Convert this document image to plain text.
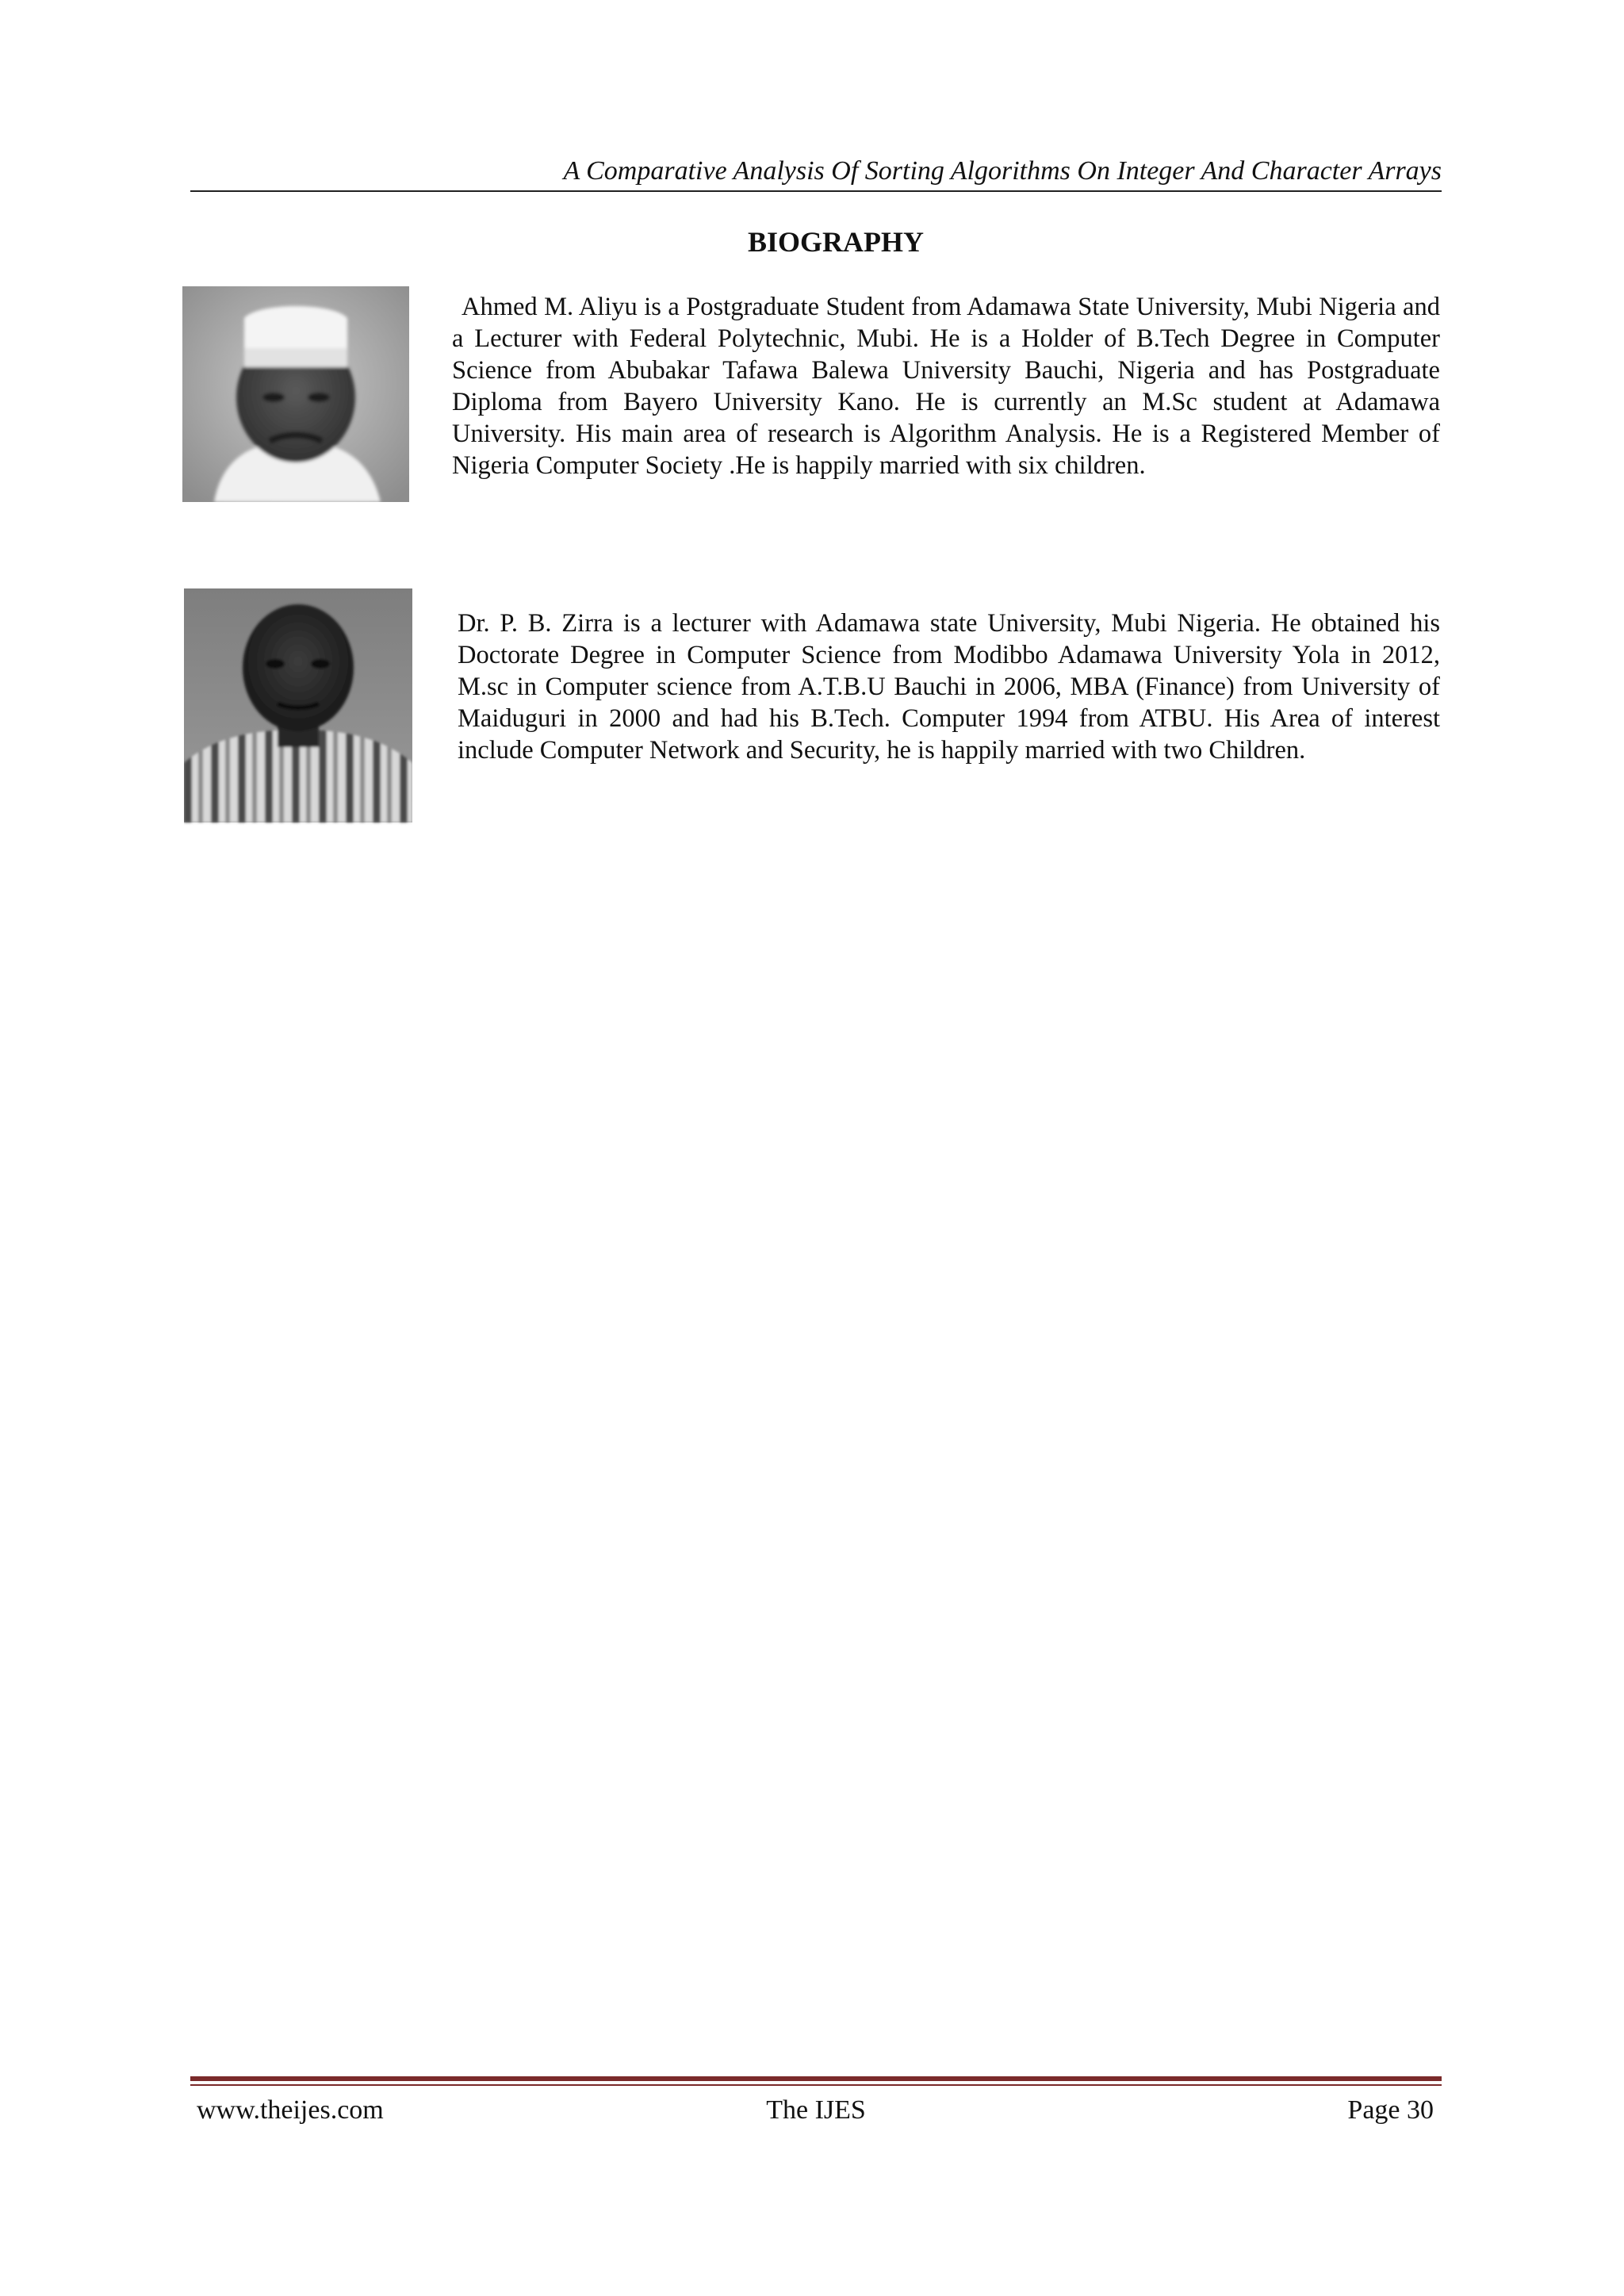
A Comparative Analysis Of Sorting Algorithms On Integer And Character Arrays
BIOGRAPHY
Ahmed M. Aliyu is a Postgraduate Student from Adamawa State University, Mubi Nigeria and a Lecturer with Federal Polytechnic, Mubi. He is a Holder of B.Tech Degree in Computer Science from Abubakar Tafawa Balewa University Bauchi, Nigeria and has Postgraduate Diploma from Bayero University Kano. He is currently an M.Sc student at Adamawa University. His main area of research is Algorithm Analysis. He is a Registered Member of Nigeria Computer Society .He is happily married with six children.
Dr. P. B. Zirra is a lecturer with Adamawa state University, Mubi Nigeria. He obtained his Doctorate Degree in Computer Science from Modibbo Adamawa University Yola in 2012, M.sc in Computer science from A.T.B.U Bauchi in 2006, MBA (Finance) from University of Maiduguri in 2000 and had his B.Tech. Computer 1994 from ATBU. His Area of interest include Computer Network and Security, he is happily married with two Children.
www.theijes.com	The IJES	Page 30
